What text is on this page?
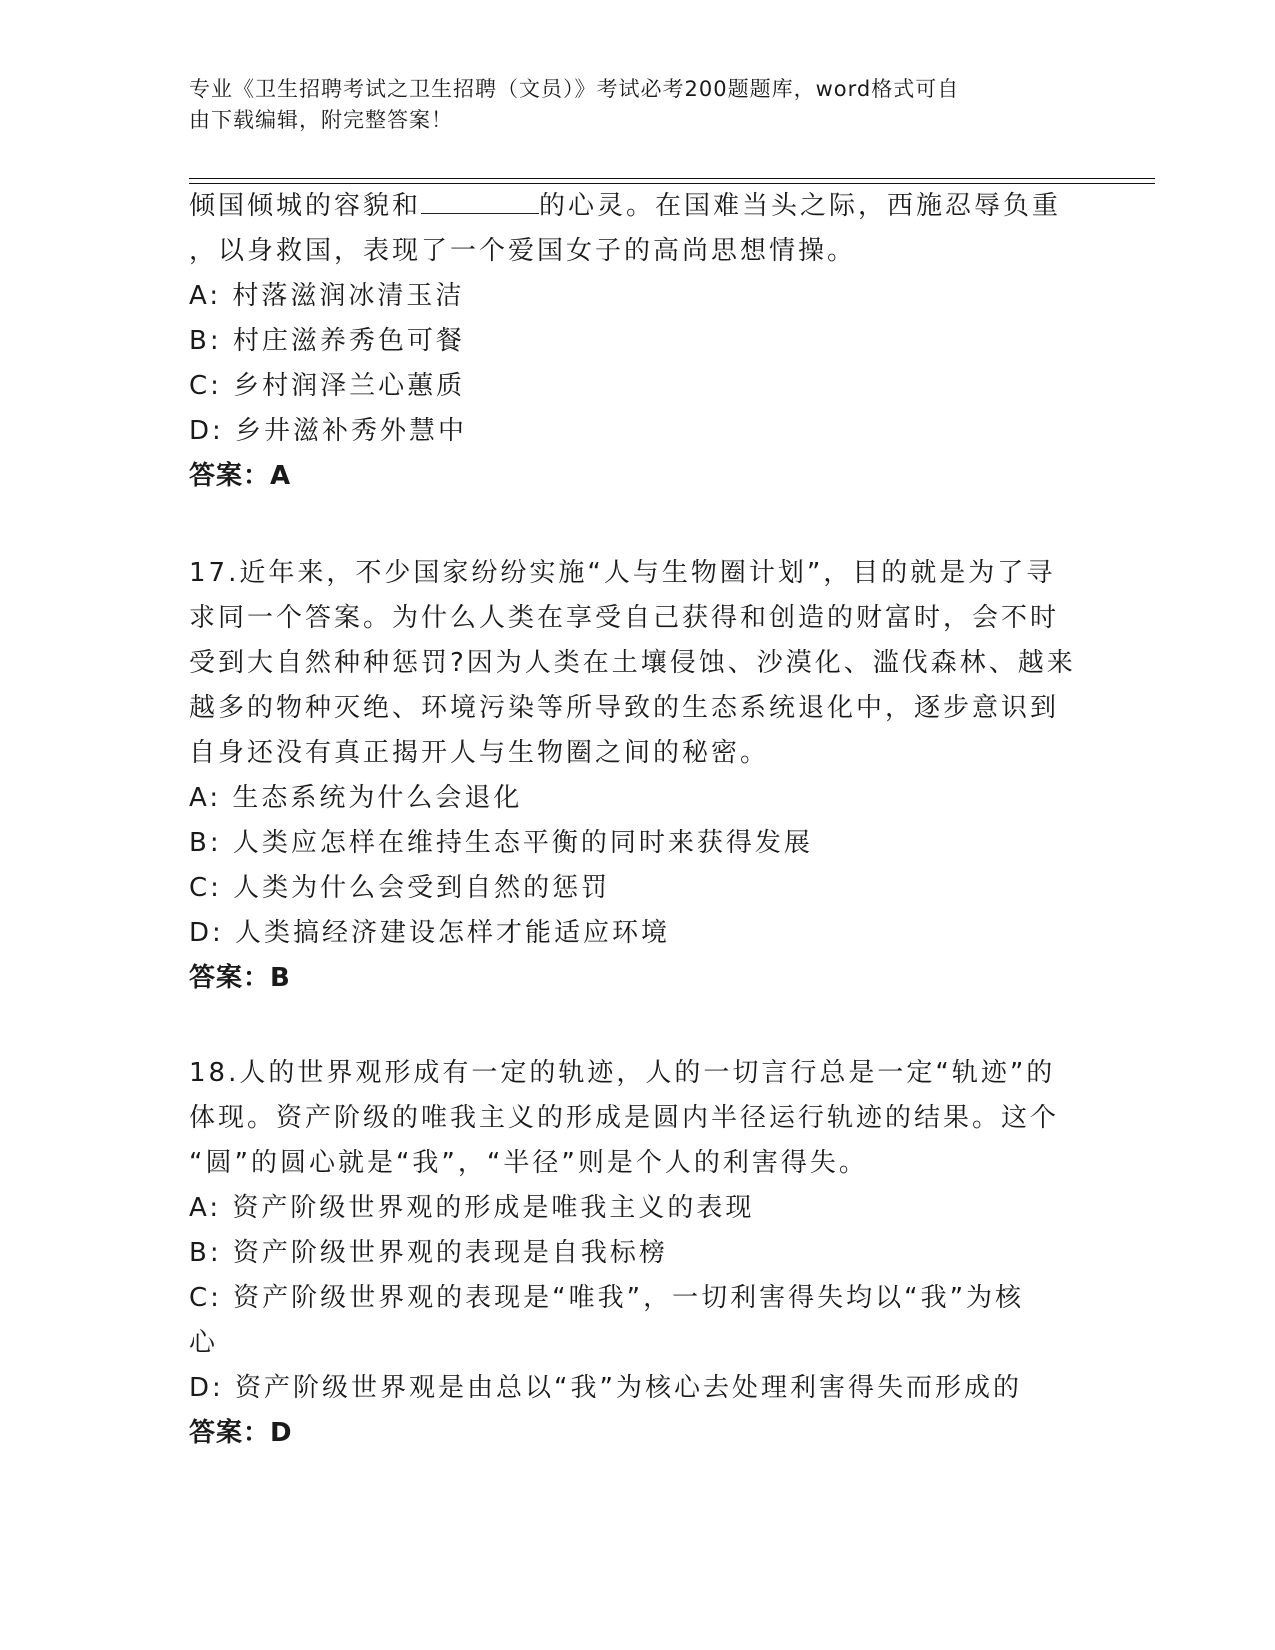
专业《卫生招聘考试之卫生招聘（文员）》考试必考200题题库，word格式可自
由下载编辑，附完整答案！
倾国倾城的容貌和	的心灵。在国难当头之际，西施忍辱负重
，以身救国，表现了一个爱国女子的高尚思想情操。
A: 村落滋润冰清玉洁
B: 村庄滋养秀色可餐
C: 乡村润泽兰心蕙质
D: 乡井滋补秀外慧中
答案：A
17.近年来，不少国家纷纷实施“人与生物圈计划”，目的就是为了寻
求同一个答案。为什么人类在享受自己获得和创造的财富时，会不时
受到大自然种种惩罚?因为人类在土壤侵蚀、沙漠化、滥伐森林、越来
越多的物种灭绝、环境污染等所导致的生态系统退化中，逐步意识到
自身还没有真正揭开人与生物圈之间的秘密。
A: 生态系统为什么会退化
B: 人类应怎样在维持生态平衡的同时来获得发展
C: 人类为什么会受到自然的惩罚
D: 人类搞经济建设怎样才能适应环境
答案：B
18.人的世界观形成有一定的轨迹，人的一切言行总是一定“轨迹”的
体现。资产阶级的唯我主义的形成是圆内半径运行轨迹的结果。这个
“圆”的圆心就是“我”，“半径”则是个人的利害得失。
A: 资产阶级世界观的形成是唯我主义的表现
B: 资产阶级世界观的表现是自我标榜
C: 资产阶级世界观的表现是“唯我”，一切利害得失均以“我”为核
心
D: 资产阶级世界观是由总以“我”为核心去处理利害得失而形成的
答案：D
